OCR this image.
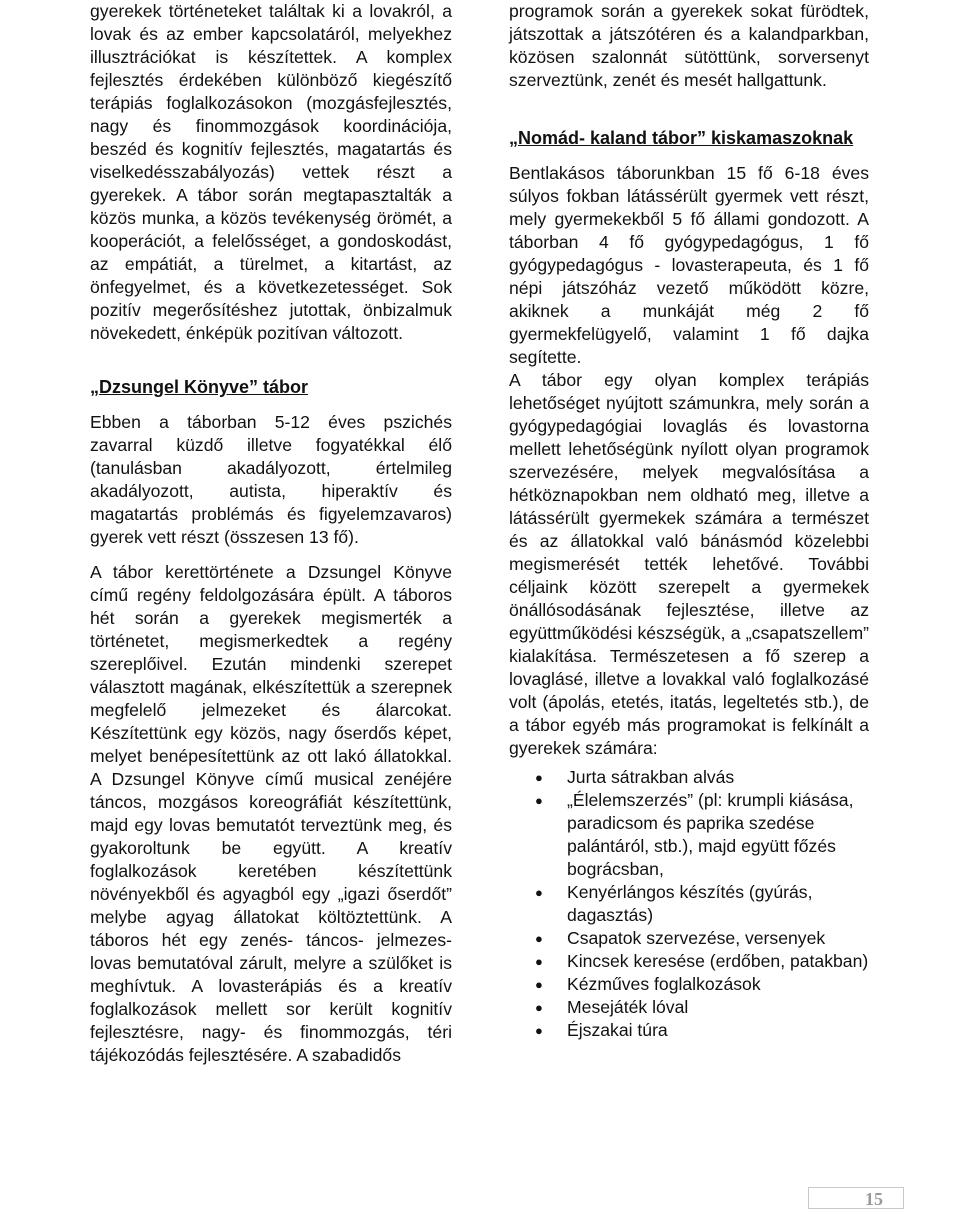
gyerekek történeteket találtak ki a lovakról, a lovak és az ember kapcsolatáról, melyekhez illusztrációkat is készítettek. A komplex fejlesztés érdekében különböző kiegészítő terápiás foglalkozásokon (mozgásfejlesztés, nagy és finommozgások koordinációja, beszéd és kognitív fejlesztés, magatartás és viselkedésszabályozás) vettek részt a gyerekek. A tábor során megtapasztalták a közös munka, a közös tevékenység örömét, a kooperációt, a felelősséget, a gondoskodást, az empátiát, a türelmet, a kitartást, az önfegyelmet, és a következetességet. Sok pozitív megerősítéshez jutottak, önbizalmuk növekedett, énképük pozitívan változott.

„Dzsungel Könyve” tábor

Ebben a táborban 5-12 éves pszichés zavarral küzdő illetve fogyatékkal élő (tanulásban akadályozott, értelmileg akadályozott, autista, hiperaktív és magatartás problémás és figyelemzavaros) gyerek vett részt (összesen 13 fő).

A tábor kerettörténete a Dzsungel Könyve című regény feldolgozására épült. A táboros hét során a gyerekek megismerték a történetet, megismerkedtek a regény szereplőivel. Ezután mindenki szerepet választott magának, elkészítettük a szerepnek megfelelő jelmezeket és álarcokat. Készítettünk egy közös, nagy őserdős képet, melyet benépesítettünk az ott lakó állatokkal. A Dzsungel Könyve című musical zenéjére táncos, mozgásos koreográfiát készítettünk, majd egy lovas bemutatót terveztünk meg, és gyakoroltunk be együtt. A kreatív foglalkozások keretében készítettünk növényekből és agyagból egy „igazi őserdőt” melybe agyag állatokat költöztettünk. A táboros hét egy zenés- táncos- jelmezes-lovas bemutatóval zárult, melyre a szülőket is meghívtuk. A lovasterápiás és a kreatív foglalkozások mellett sor került kognitív fejlesztésre, nagy- és finommozgás, téri tájékozódás fejlesztésére. A szabadidős

programok során a gyerekek sokat fürödtek, játszottak a játszótéren és a kalandparkban, közösen szalonnát sütöttünk, sorversenyt szerveztünk, zenét és mesét hallgattunk.

„Nomád- kaland tábor” kiskamaszoknak

Bentlakásos táborunkban 15 fő 6-18 éves súlyos fokban látássérült gyermek vett részt, mely gyermekekből 5 fő állami gondozott. A táborban 4 fő gyógypedagógus, 1 fő gyógypedagógus - lovasterapeuta, és 1 fő népi játszóház vezető működött közre, akiknek a munkáját még 2 fő gyermekfelügyelő, valamint 1 fő dajka segítette.

A tábor egy olyan komplex terápiás lehetőséget nyújtott számunkra, mely során a gyógypedagógiai lovaglás és lovastorna mellett lehetőségünk nyílott olyan programok szervezésére, melyek megvalósítása a hétköznapokban nem oldható meg, illetve a látássérült gyermekek számára a természet és az állatokkal való bánásmód közelebbi megismerését tették lehetővé. További céljaink között szerepelt a gyermekek önállósodásának fejlesztése, illetve az együttműködési készségük, a „csapatszellem” kialakítása. Természetesen a fő szerep a lovaglásé, illetve a lovakkal való foglalkozásé volt (ápolás, etetés, itatás, legeltetés stb.), de a tábor egyéb más programokat is felkínált a gyerekek számára:

● Jurta sátrakban alvás
● „Élelemszerzés” (pl: krumpli kiásása, paradicsom és paprika szedése palántáról, stb.), majd együtt főzés bográcsban,
● Kenyérlángos készítés (gyúrás, dagasztás)
● Csapatok szervezése, versenyek
● Kincsek keresése (erdőben, patakban)
● Kézműves foglalkozások
● Mesejáték lóval
● Éjszakai túra
15
